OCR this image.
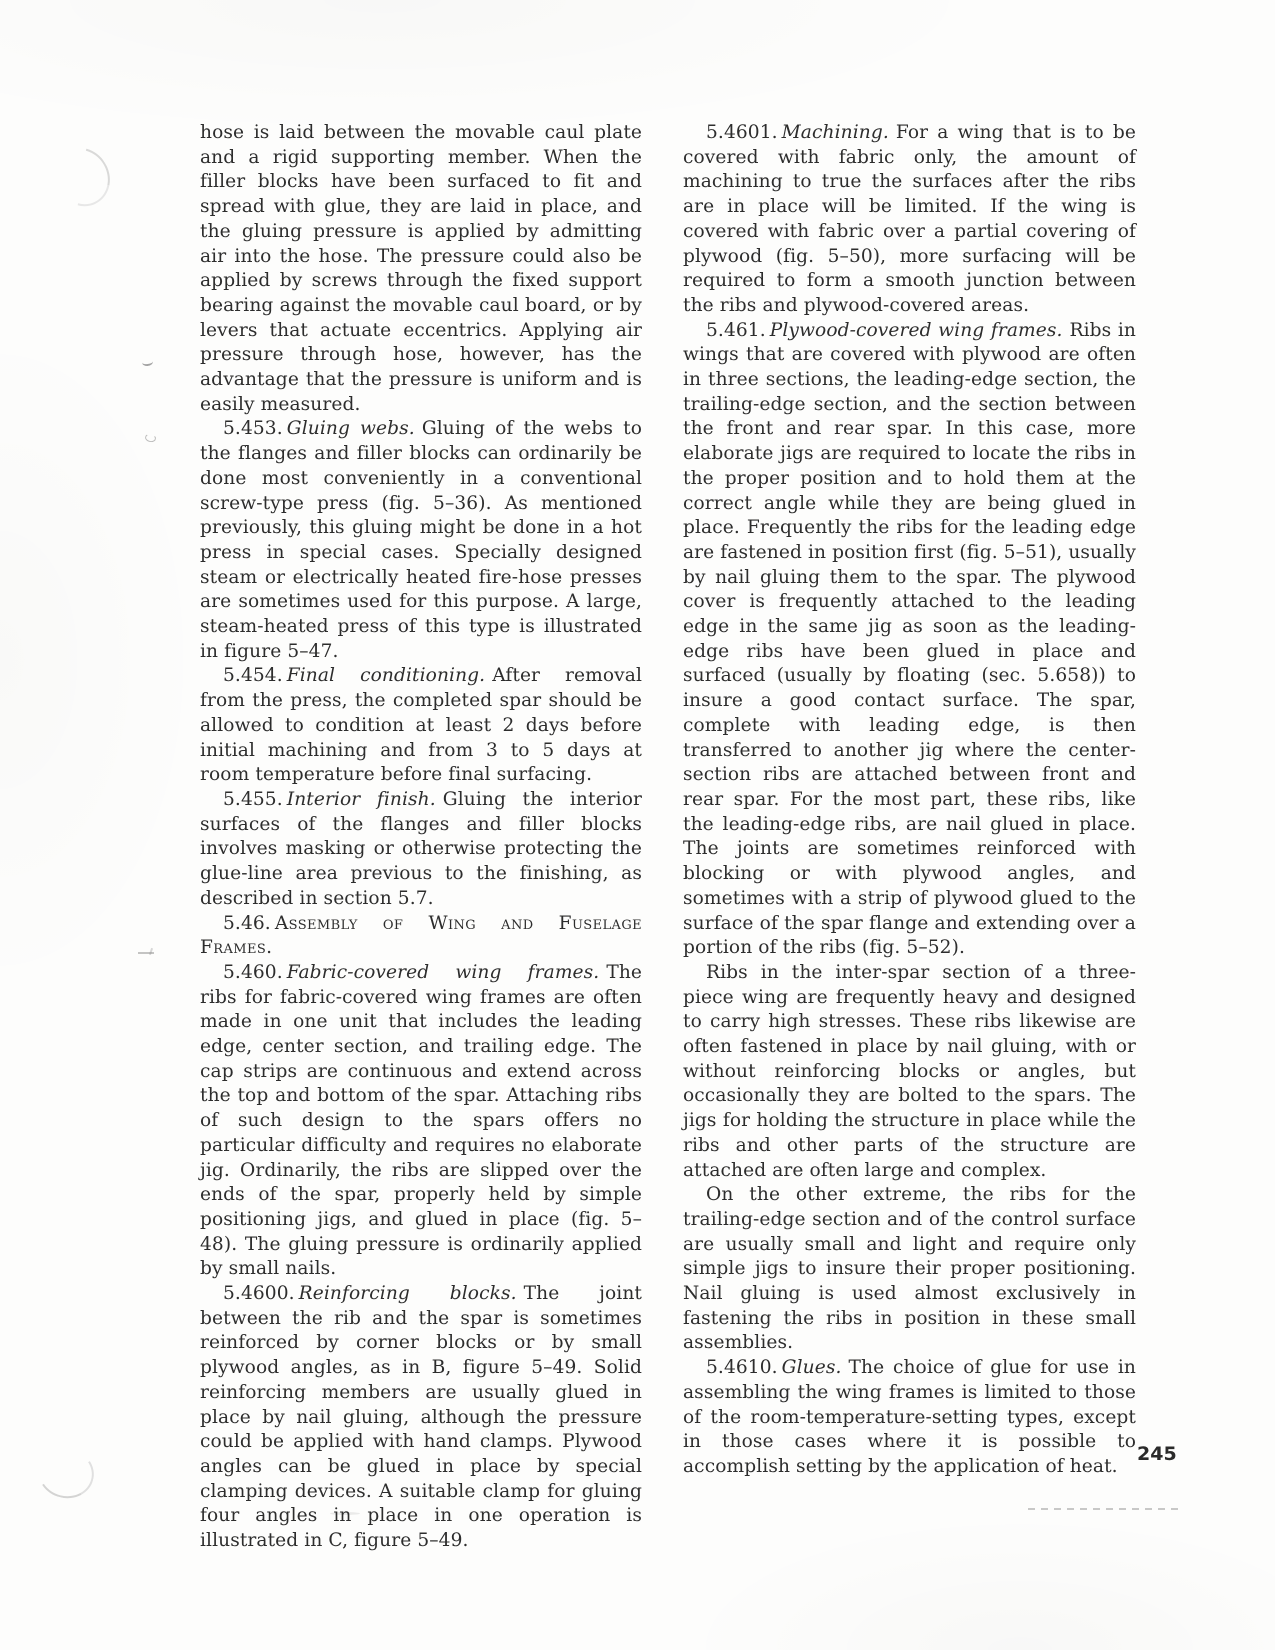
hose is laid between the movable caul plate and a rigid supporting member. When the filler blocks have been surfaced to fit and spread with glue, they are laid in place, and the gluing pressure is applied by admitting air into the hose. The pressure could also be applied by screws through the fixed support bearing against the movable caul board, or by levers that actuate eccentrics. Applying air pressure through hose, however, has the advantage that the pressure is uniform and is easily measured.

5.453. Gluing webs. Gluing of the webs to the flanges and filler blocks can ordinarily be done most conveniently in a conventional screw-type press (fig. 5–36). As mentioned previously, this gluing might be done in a hot press in special cases. Specially designed steam or electrically heated fire-hose presses are sometimes used for this purpose. A large, steam-heated press of this type is illustrated in figure 5–47.

5.454. Final conditioning. After removal from the press, the completed spar should be allowed to condition at least 2 days before initial machining and from 3 to 5 days at room temperature before final surfacing.

5.455. Interior finish. Gluing the interior surfaces of the flanges and filler blocks involves masking or otherwise protecting the glue-line area previous to the finishing, as described in section 5.7.

5.46. Assembly of Wing and Fuselage Frames.

5.460. Fabric-covered wing frames. The ribs for fabric-covered wing frames are often made in one unit that includes the leading edge, center section, and trailing edge. The cap strips are continuous and extend across the top and bottom of the spar. Attaching ribs of such design to the spars offers no particular difficulty and requires no elaborate jig. Ordinarily, the ribs are slipped over the ends of the spar, properly held by simple positioning jigs, and glued in place (fig. 5–48). The gluing pressure is ordinarily applied by small nails.

5.4600. Reinforcing blocks. The joint between the rib and the spar is sometimes reinforced by corner blocks or by small plywood angles, as in B, figure 5–49. Solid reinforcing members are usually glued in place by nail gluing, although the pressure could be applied with hand clamps. Plywood angles can be glued in place by special clamping devices. A suitable clamp for gluing four angles in place in one operation is illustrated in C, figure 5–49.

5.4601. Machining. For a wing that is to be covered with fabric only, the amount of machining to true the surfaces after the ribs are in place will be limited. If the wing is covered with fabric over a partial covering of plywood (fig. 5–50), more surfacing will be required to form a smooth junction between the ribs and plywood-covered areas.

5.461. Plywood-covered wing frames. Ribs in wings that are covered with plywood are often in three sections, the leading-edge section, the trailing-edge section, and the section between the front and rear spar. In this case, more elaborate jigs are required to locate the ribs in the proper position and to hold them at the correct angle while they are being glued in place. Frequently the ribs for the leading edge are fastened in position first (fig. 5–51), usually by nail gluing them to the spar. The plywood cover is frequently attached to the leading edge in the same jig as soon as the leading-edge ribs have been glued in place and surfaced (usually by floating (sec. 5.658)) to insure a good contact surface. The spar, complete with leading edge, is then transferred to another jig where the center-section ribs are attached between front and rear spar. For the most part, these ribs, like the leading-edge ribs, are nail glued in place. The joints are sometimes reinforced with blocking or with plywood angles, and sometimes with a strip of plywood glued to the surface of the spar flange and extending over a portion of the ribs (fig. 5–52).

Ribs in the inter-spar section of a three-piece wing are frequently heavy and designed to carry high stresses. These ribs likewise are often fastened in place by nail gluing, with or without reinforcing blocks or angles, but occasionally they are bolted to the spars. The jigs for holding the structure in place while the ribs and other parts of the structure are attached are often large and complex.

On the other extreme, the ribs for the trailing-edge section and of the control surface are usually small and light and require only simple jigs to insure their proper positioning. Nail gluing is used almost exclusively in fastening the ribs in position in these small assemblies.

5.4610. Glues. The choice of glue for use in assembling the wing frames is limited to those of the room-temperature-setting types, except in those cases where it is possible to accomplish setting by the application of heat.

245
